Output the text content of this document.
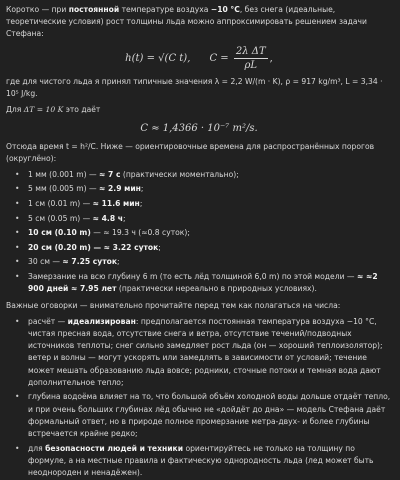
Коротко — при постоянной температуре воздуха −10 °C, без снега (идеальные, теоретические условия) рост толщины льда можно аппроксимировать решением задачи Стефана:

h(t) = √(C t), $C = \frac{\text{2λ ΔT}}{\rho L}$ ,

где для чистого льда я принял типичные значения λ = 2,2 W/(m · K), ρ = 917 kg/m³, L = 3,34 · 10⁵ J/kg.

Для ΔT = 10 K это даёт

C ≈ 1,4366 · 10⁻⁷ m²/s.

Отсюда время t = h²/C. Ниже — ориентировочные времена для распространённых порогов (округлёно):

• 1 мм (0.001 m) — ≈ 7 с (практически моментально);
• 5 мм (0.005 m) — ≈ 2.9 мин;
• 1 см (0.01 m) — ≈ 11.6 мин;
• 5 см (0.05 m) — ≈ 4.8 ч;
• 10 см (0.10 m) — ≈ 19.3 ч (≈0.8 суток);
• 20 см (0.20 m) — ≈ 3.22 суток;
• 30 см — ≈ 7.25 суток;
• Замерзание на всю глубину 6 m (то есть лёд толщиной 6,0 m) по этой модели — ≈ ≈2 900 дней ≈ 7.95 лет (практически нереально в природных условиях).

Важные оговорки — внимательно прочитайте перед тем как полагаться на числа:

• расчёт — идеализирован: предполагается постоянная температура воздуха −10 °C, чистая пресная вода, отсутствие снега и ветра, отсутствие течений/подводных источников теплоты; снег сильно замедляет рост льда (он — хороший теплоизолятор); ветер и волны — могут ускорять или замедлять в зависимости от условий; течение может мешать образованию льда вовсе; родники, сточные потоки и темная вода дают дополнительное тепло;
• глубина водоёма влияет на то, что большой объём холодной воды дольше отдаёт тепло, и при очень больших глубинах лёд обычно не «дойдёт до дна» — модель Стефана даёт формальный ответ, но в природе полное промерзание метра-двух- и более глубины встречается крайне редко;
• для безопасности людей и техники ориентируйтесь не только на толщину по формуле, а на местные правила и фактическую однородность льда (лед может быть неоднороден и ненадёжен).
